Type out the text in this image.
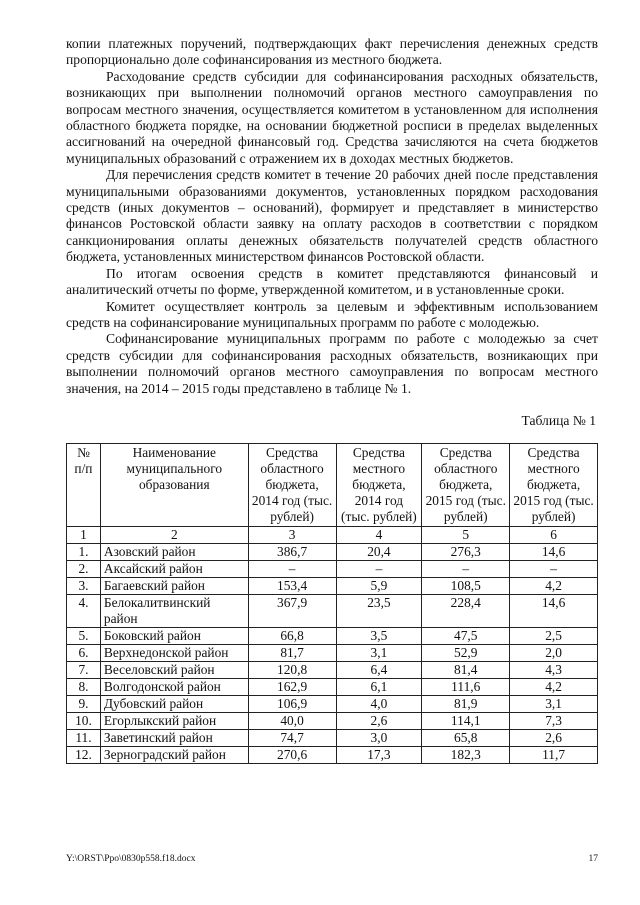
копии платежных поручений, подтверждающих факт перечисления денежных средств пропорционально доле софинансирования из местного бюджета.

Расходование средств субсидии для софинансирования расходных обязательств, возникающих при выполнении полномочий органов местного самоуправления по вопросам местного значения, осуществляется комитетом в установленном для исполнения областного бюджета порядке, на основании бюджетной росписи в пределах выделенных ассигнований на очередной финансовый год. Средства зачисляются на счета бюджетов муниципальных образований с отражением их в доходах местных бюджетов.

Для перечисления средств комитет в течение 20 рабочих дней после представления муниципальными образованиями документов, установленных порядком расходования средств (иных документов – оснований), формирует и представляет в министерство финансов Ростовской области заявку на оплату расходов в соответствии с порядком санкционирования оплаты денежных обязательств получателей средств областного бюджета, установленных министерством финансов Ростовской области.

По итогам освоения средств в комитет представляются финансовый и аналитический отчеты по форме, утвержденной комитетом, и в установленные сроки.

Комитет осуществляет контроль за целевым и эффективным использованием средств на софинансирование муниципальных программ по работе с молодежью.

Софинансирование муниципальных программ по работе с молодежью за счет средств субсидии для софинансирования расходных обязательств, возникающих при выполнении полномочий органов местного самоуправления по вопросам местного значения, на 2014 – 2015 годы представлено в таблице № 1.

Таблица № 1
№ п/п	Наименование муниципального образования	Средства областного бюджета, 2014 год (тыс. рублей)	Средства местного бюджета, 2014 год (тыс. рублей)	Средства областного бюджета, 2015 год (тыс. рублей)	Средства местного бюджета, 2015 год (тыс. рублей)
1	2	3	4	5	6
1.	Азовский район	386,7	20,4	276,3	14,6
2.	Аксайский район	–	–	–	–
3.	Багаевский район	153,4	5,9	108,5	4,2
4.	Белокалитвинский район	367,9	23,5	228,4	14,6
5.	Боковский район	66,8	3,5	47,5	2,5
6.	Верхнедонской район	81,7	3,1	52,9	2,0
7.	Веселовский район	120,8	6,4	81,4	4,3
8.	Волгодонской район	162,9	6,1	111,6	4,2
9.	Дубовский район	106,9	4,0	81,9	3,1
10.	Егорлыкский район	40,0	2,6	114,1	7,3
11.	Заветинский район	74,7	3,0	65,8	2,6
12.	Зерноградский район	270,6	17,3	182,3	11,7
Y:\ORST\Ppo\0830p558.f18.docx	17
